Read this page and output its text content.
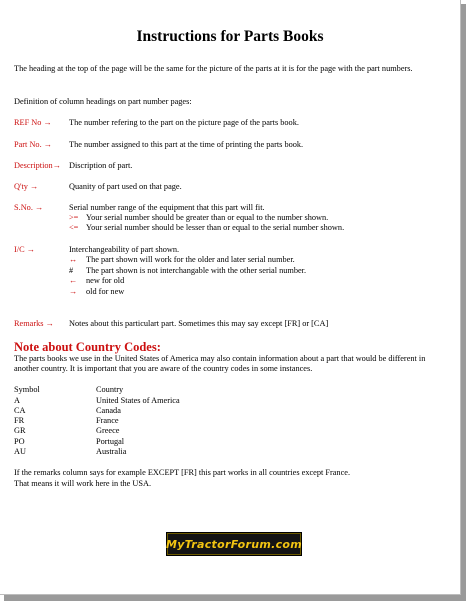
Instructions for Parts Books
The heading at the top of the page will be the same for the picture of the parts at it is for the page with the part numbers.
Definition of column headings on part number pages:
REF No → The number refering to the part on the picture page of the parts book.
Part No. → The number assigned to this part at the time of printing the parts book.
Description→ Discription of part.
Q'ty →	Quanity of part used on that page.
S.No. →	Serial number range of the equipment that this part will fit.
>= Your serial number should be greater than or equal to the number shown.
<= Your serial number should be lesser than or equal to the serial number shown.
I/C →	Interchangeability of part shown.
↔ The part shown will work for the older and later serial number.
# The part shown is not interchangable with the other serial number.
← new for old
→ old for new
Remarks → Notes about this particulart part. Sometimes this may say except [FR] or [CA]
Note about Country Codes:
The parts books we use in the United States of America may also contain information about a part that would be different in another country. It is important that you are aware of the country codes in some instances.
Symbol	Country
A	United States of America
CA	Canada
FR	France
GR	Greece
PO	Portugal
AU	Australia
If the remarks column says for example EXCEPT [FR] this part works in all countries except France.
That means it will work here in the USA.
MyTractorForum.com
